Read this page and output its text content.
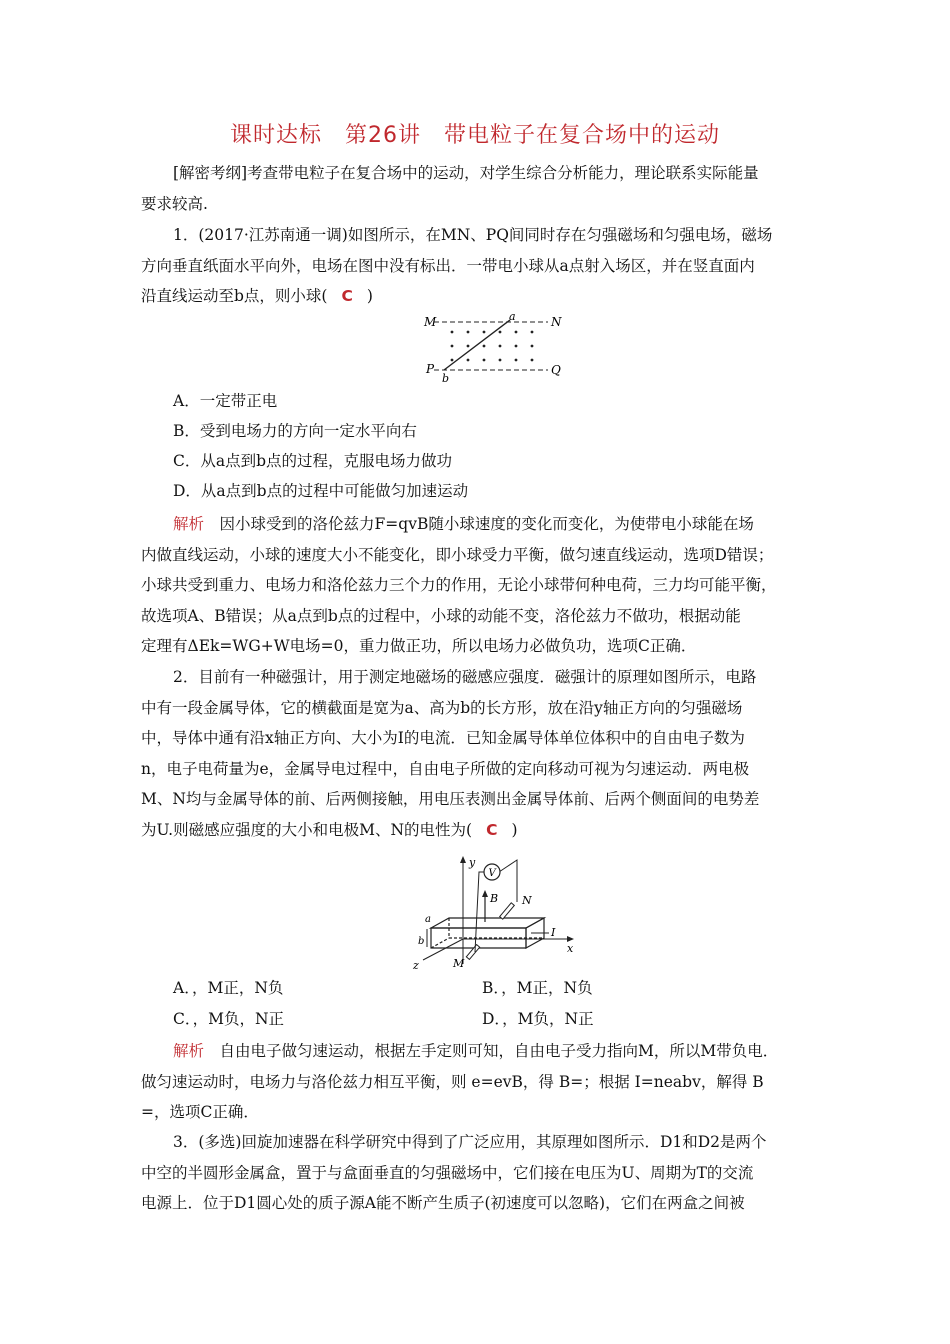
课时达标　第26讲　带电粒子在复合场中的运动
[解密考纲]考查带电粒子在复合场中的运动，对学生综合分析能力，理论联系实际能量
要求较高.
1．(2017·江苏南通一调)如图所示，在MN、PQ间同时存在匀强磁场和匀强电场，磁场
方向垂直纸面水平向外，电场在图中没有标出．一带电小球从a点射入场区，并在竖直面内
沿直线运动至b点，则小球( C )
M	N
P	Q
a
b
A．一定带正电
B．受到电场力的方向一定水平向右
C．从a点到b点的过程，克服电场力做功
D．从a点到b点的过程中可能做匀加速运动
解析　 因小球受到的洛伦兹力F=qvB随小球速度的变化而变化，为使带电小球能在场
内做直线运动，小球的速度大小不能变化，即小球受力平衡，做匀速直线运动，选项D错误；
小球共受到重力、电场力和洛伦兹力三个力的作用，无论小球带何种电荷，三力均可能平衡，
故选项A、B错误；从a点到b点的过程中，小球的动能不变，洛伦兹力不做功，根据动能
定理有ΔEk=WG+W电场=0，重力做正功，所以电场力必做负功，选项C正确．
2．目前有一种磁强计，用于测定地磁场的磁感应强度．磁强计的原理如图所示，电路
中有一段金属导体，它的横截面是宽为a、高为b的长方形，放在沿y轴正方向的匀强磁场
中，导体中通有沿x轴正方向、大小为I的电流．已知金属导体单位体积中的自由电子数为
n，电子电荷量为e，金属导电过程中，自由电子所做的定向移动可视为匀速运动．两电极
M、N均与金属导体的前、后两侧接触，用电压表测出金属导体前、后两个侧面间的电势差
为U.则磁感应强度的大小和电极M、N的电性为( C )
y
x
z
N
M
V
B
a
b
I
A．，M正，N负	B．，M正，N负
C．，M负，N正	D．，M负，N正
解析　 自由电子做匀速运动，根据左手定则可知，自由电子受力指向M，所以M带负电．
做匀速运动时，电场力与洛伦兹力相互平衡，则 e=evB，得 B=；根据 I=neabv，解得 B
=，选项C正确．
3．(多选)回旋加速器在科学研究中得到了广泛应用，其原理如图所示．D1和D2是两个
中空的半圆形金属盒，置于与盒面垂直的匀强磁场中，它们接在电压为U、周期为T的交流
电源上．位于D1圆心处的质子源A能不断产生质子(初速度可以忽略)，它们在两盒之间被
